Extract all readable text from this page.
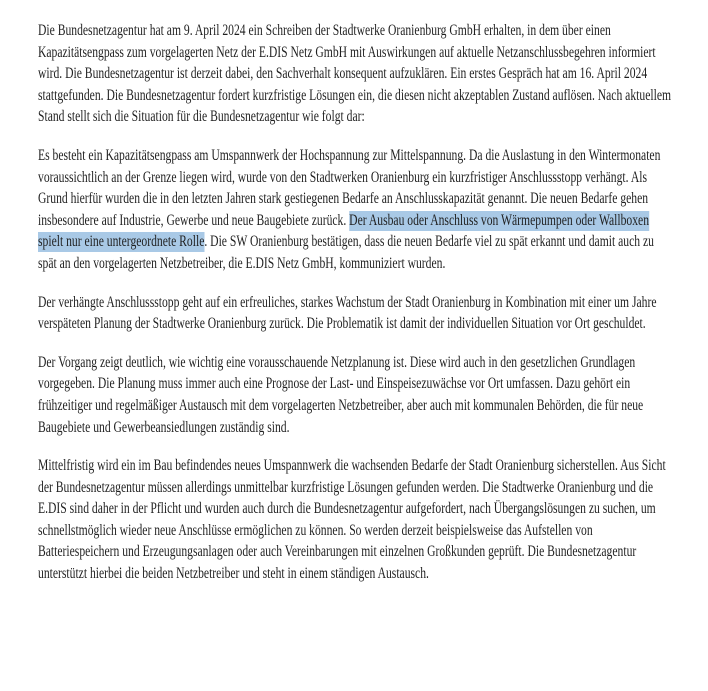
Die Bundesnetzagentur hat am 9. April 2024 ein Schreiben der Stadtwerke Oranienburg GmbH erhalten, in dem über einen Kapazitätsengpass zum vorgelagerten Netz der E.DIS Netz GmbH mit Auswirkungen auf aktuelle Netzanschlussbegehren informiert wird. Die Bundesnetzagentur ist derzeit dabei, den Sachverhalt konsequent aufzuklären. Ein erstes Gespräch hat am 16. April 2024 stattgefunden. Die Bundesnetzagentur fordert kurzfristige Lösungen ein, die diesen nicht akzeptablen Zustand auflösen. Nach aktuellem Stand stellt sich die Situation für die Bundesnetzagentur wie folgt dar:

Es besteht ein Kapazitätsengpass am Umspannwerk der Hochspannung zur Mittelspannung. Da die Auslastung in den Wintermonaten voraussichtlich an der Grenze liegen wird, wurde von den Stadtwerken Oranienburg ein kurzfristiger Anschlussstopp verhängt. Als Grund hierfür wurden die in den letzten Jahren stark gestiegenen Bedarfe an Anschlusskapazität genannt. Die neuen Bedarfe gehen insbesondere auf Industrie, Gewerbe und neue Baugebiete zurück. Der Ausbau oder Anschluss von Wärmepumpen oder Wallboxen spielt nur eine untergeordnete Rolle. Die SW Oranienburg bestätigen, dass die neuen Bedarfe viel zu spät erkannt und damit auch zu spät an den vorgelagerten Netzbetreiber, die E.DIS Netz GmbH, kommuniziert wurden.

Der verhängte Anschlussstopp geht auf ein erfreuliches, starkes Wachstum der Stadt Oranienburg in Kombination mit einer um Jahre verspäteten Planung der Stadtwerke Oranienburg zurück. Die Problematik ist damit der individuellen Situation vor Ort geschuldet.

Der Vorgang zeigt deutlich, wie wichtig eine vorausschauende Netzplanung ist. Diese wird auch in den gesetzlichen Grundlagen vorgegeben. Die Planung muss immer auch eine Prognose der Last- und Einspeisezuwächse vor Ort umfassen. Dazu gehört ein frühzeitiger und regelmäßiger Austausch mit dem vorgelagerten Netzbetreiber, aber auch mit kommunalen Behörden, die für neue Baugebiete und Gewerbeansiedlungen zuständig sind.

Mittelfristig wird ein im Bau befindendes neues Umspannwerk die wachsenden Bedarfe der Stadt Oranienburg sicherstellen. Aus Sicht der Bundesnetzagentur müssen allerdings unmittelbar kurzfristige Lösungen gefunden werden. Die Stadtwerke Oranienburg und die E.DIS sind daher in der Pflicht und wurden auch durch die Bundesnetzagentur aufgefordert, nach Übergangslösungen zu suchen, um schnellstmöglich wieder neue Anschlüsse ermöglichen zu können. So werden derzeit beispielsweise das Aufstellen von Batteriespeichern und Erzeugungsanlagen oder auch Vereinbarungen mit einzelnen Großkunden geprüft. Die Bundesnetzagentur unterstützt hierbei die beiden Netzbetreiber und steht in einem ständigen Austausch.
